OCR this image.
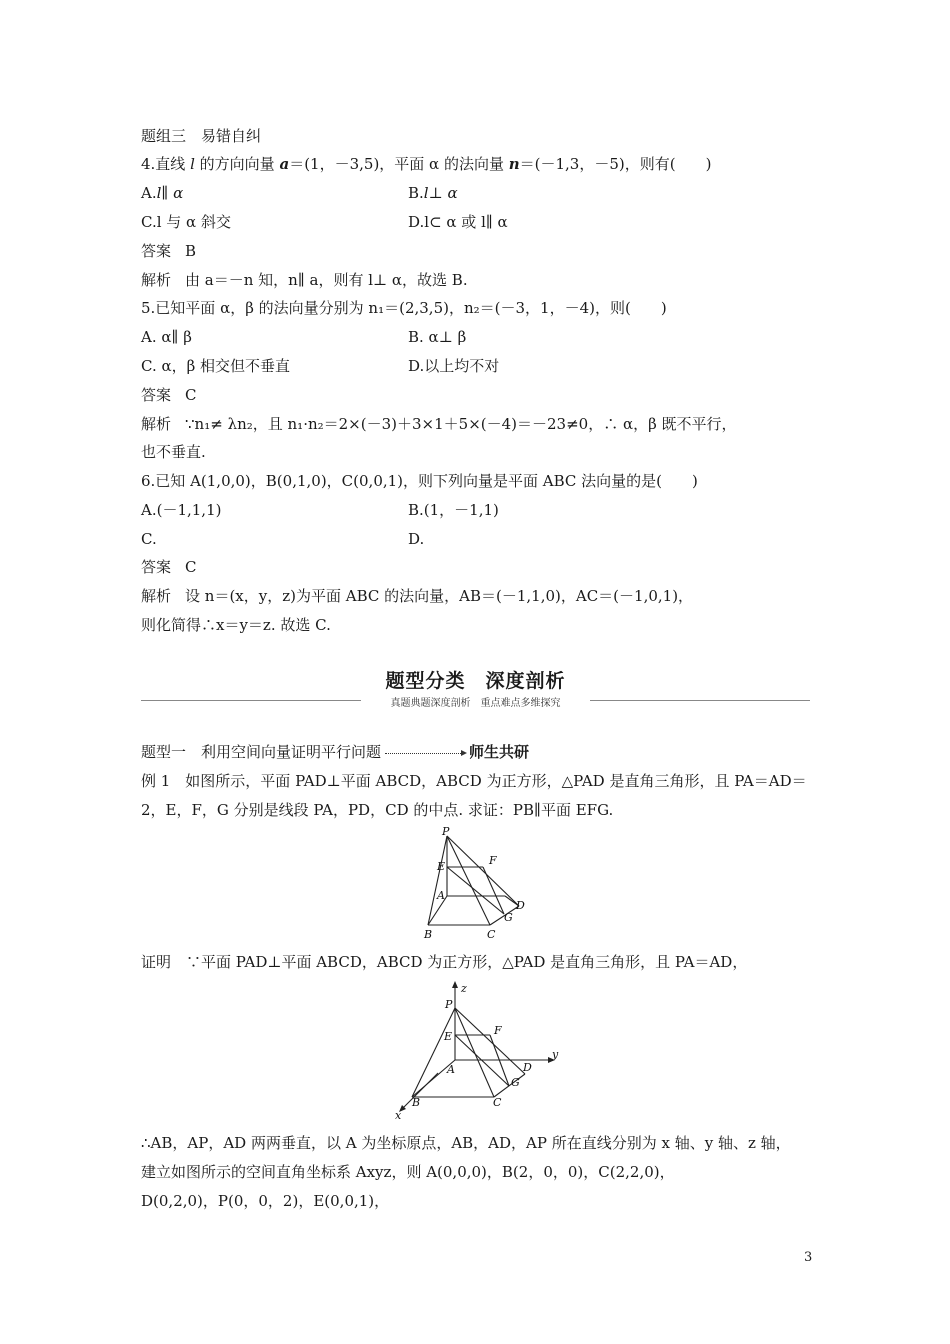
题组三　易错自纠
4.直线 l 的方向向量 a＝(1，－3,5)，平面 α 的法向量 n＝(－1,3，－5)，则有(　　)
A.l∥ α	B.l⊥ α
C.l 与 α 斜交	D.l⊂ α 或 l∥ α
答案 B
解析 由 a＝－n 知，n∥ a，则有 l⊥ α，故选 B.
5.已知平面 α，β 的法向量分别为 n₁＝(2,3,5)，n₂＝(－3，1，－4)，则(　　)
A. α∥ β	B. α⊥ β
C. α，β 相交但不垂直	D.以上均不对
答案 C
解析 ∵n₁≠ λn₂，且 n₁·n₂＝2×(－3)＋3×1＋5×(－4)＝－23≠0，∴ α，β 既不平行，
也不垂直.
6.已知 A(1,0,0)，B(0,1,0)，C(0,0,1)，则下列向量是平面 ABC 法向量的是(　　)
A.(－1,1,1)	B.(1，－1,1)
C.	D.
答案 C
解析 设 n＝(x，y，z)为平面 ABC 的法向量，AB＝(－1,1,0)，AC＝(－1,0,1)，
则化简得∴x＝y＝z. 故选 C.
题型分类　深度剖析
真题典题深度剖析　重点难点多维探究
题型一　利用空间向量证明平行问题	师生共研
例 1　如图所示，平面 PAD⊥平面 ABCD，ABCD 为正方形，△PAD 是直角三角形，且 PA＝AD＝
2，E，F，G 分别是线段 PA，PD，CD 的中点. 求证：PB∥平面 EFG.
P
E	F
A
D
G
B	C
证明　∵平面 PAD⊥平面 ABCD，ABCD 为正方形，△PAD 是直角三角形，且 PA＝AD，
z
P
F
E
A	D
y
G
B	C
x
∴AB，AP，AD 两两垂直，以 A 为坐标原点，AB，AD，AP 所在直线分别为 x 轴、y 轴、z 轴，
建立如图所示的空间直角坐标系 Axyz，则 A(0,0,0)，B(2，0，0)，C(2,2,0)，
D(0,2,0)，P(0，0，2)，E(0,0,1)，
3
